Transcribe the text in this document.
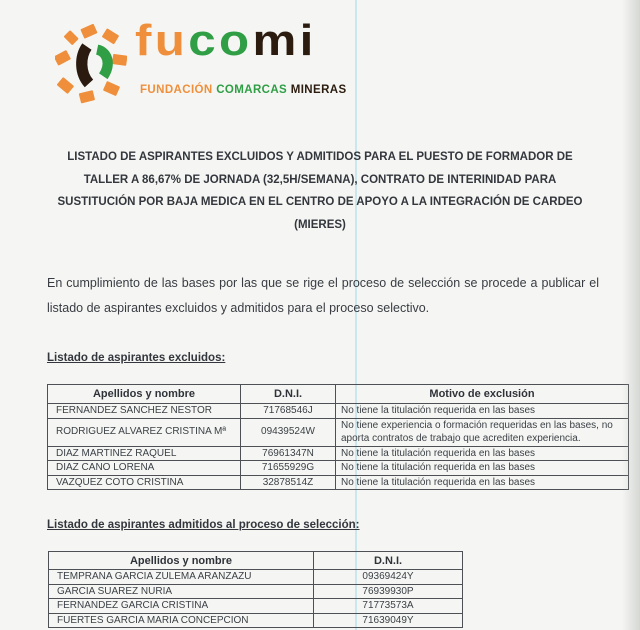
fucomi
FUNDACIÓN COMARCAS MINERAS
LISTADO DE ASPIRANTES EXCLUIDOS Y ADMITIDOS PARA EL PUESTO DE FORMADOR DE
TALLER A 86,67% DE JORNADA (32,5H/SEMANA), CONTRATO DE INTERINIDAD PARA
SUSTITUCIÓN POR BAJA MEDICA EN EL CENTRO DE APOYO A LA INTEGRACIÓN DE CARDEO
(MIERES)
En cumplimiento de las bases por las que se rige el proceso de selección se procede a publicar el listado de aspirantes excluidos y admitidos para el proceso selectivo.
Listado de aspirantes excluidos:
Apellidos y nombre	D.N.I.	Motivo de exclusión
FERNANDEZ SANCHEZ NESTOR	71768546J	No tiene la titulación requerida en las bases
RODRIGUEZ ALVAREZ CRISTINA Mª	09439524W	No tiene experiencia o formación requeridas en las bases, no aporta contratos de trabajo que acrediten experiencia.
DIAZ MARTINEZ RAQUEL	76961347N	No tiene la titulación requerida en las bases
DIAZ CANO LORENA	71655929G	No tiene la titulación requerida en las bases
VAZQUEZ COTO CRISTINA	32878514Z	No tiene la titulación requerida en las bases
Listado de aspirantes admitidos al proceso de selección:
Apellidos y nombre	D.N.I.
TEMPRANA GARCIA ZULEMA ARANZAZU	09369424Y
GARCIA SUAREZ NURIA	76939930P
FERNANDEZ GARCIA CRISTINA	71773573A
FUERTES GARCIA MARIA CONCEPCION	71639049Y
